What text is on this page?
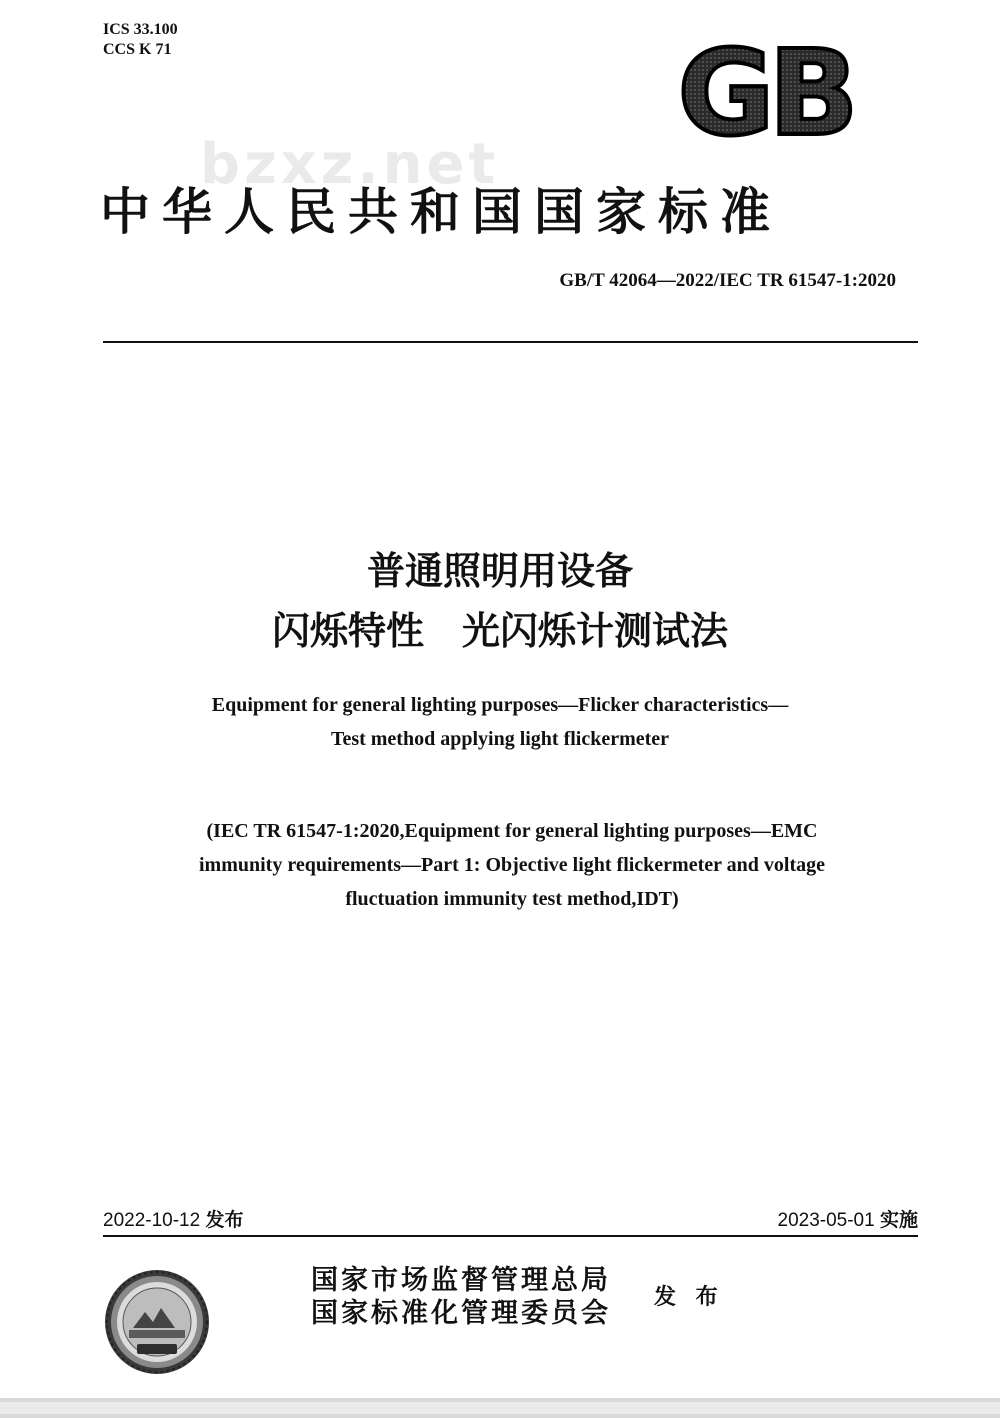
ICS 33.100
CCS K 71	GB
bzxz.net
中华人民共和国国家标准
GB/T 42064—2022/IEC TR 61547-1:2020
普通照明用设备
闪烁特性　光闪烁计测试法
Equipment for general lighting purposes—Flicker characteristics—
Test method applying light flickermeter
(IEC TR 61547-1:2020,Equipment for general lighting purposes—EMC
immunity requirements—Part 1: Objective light flickermeter and voltage
fluctuation immunity test method,IDT)
2022-10-12 发布	2023-05-01 实施
国家市场监督管理总局
国家标准化管理委员会
发 布
